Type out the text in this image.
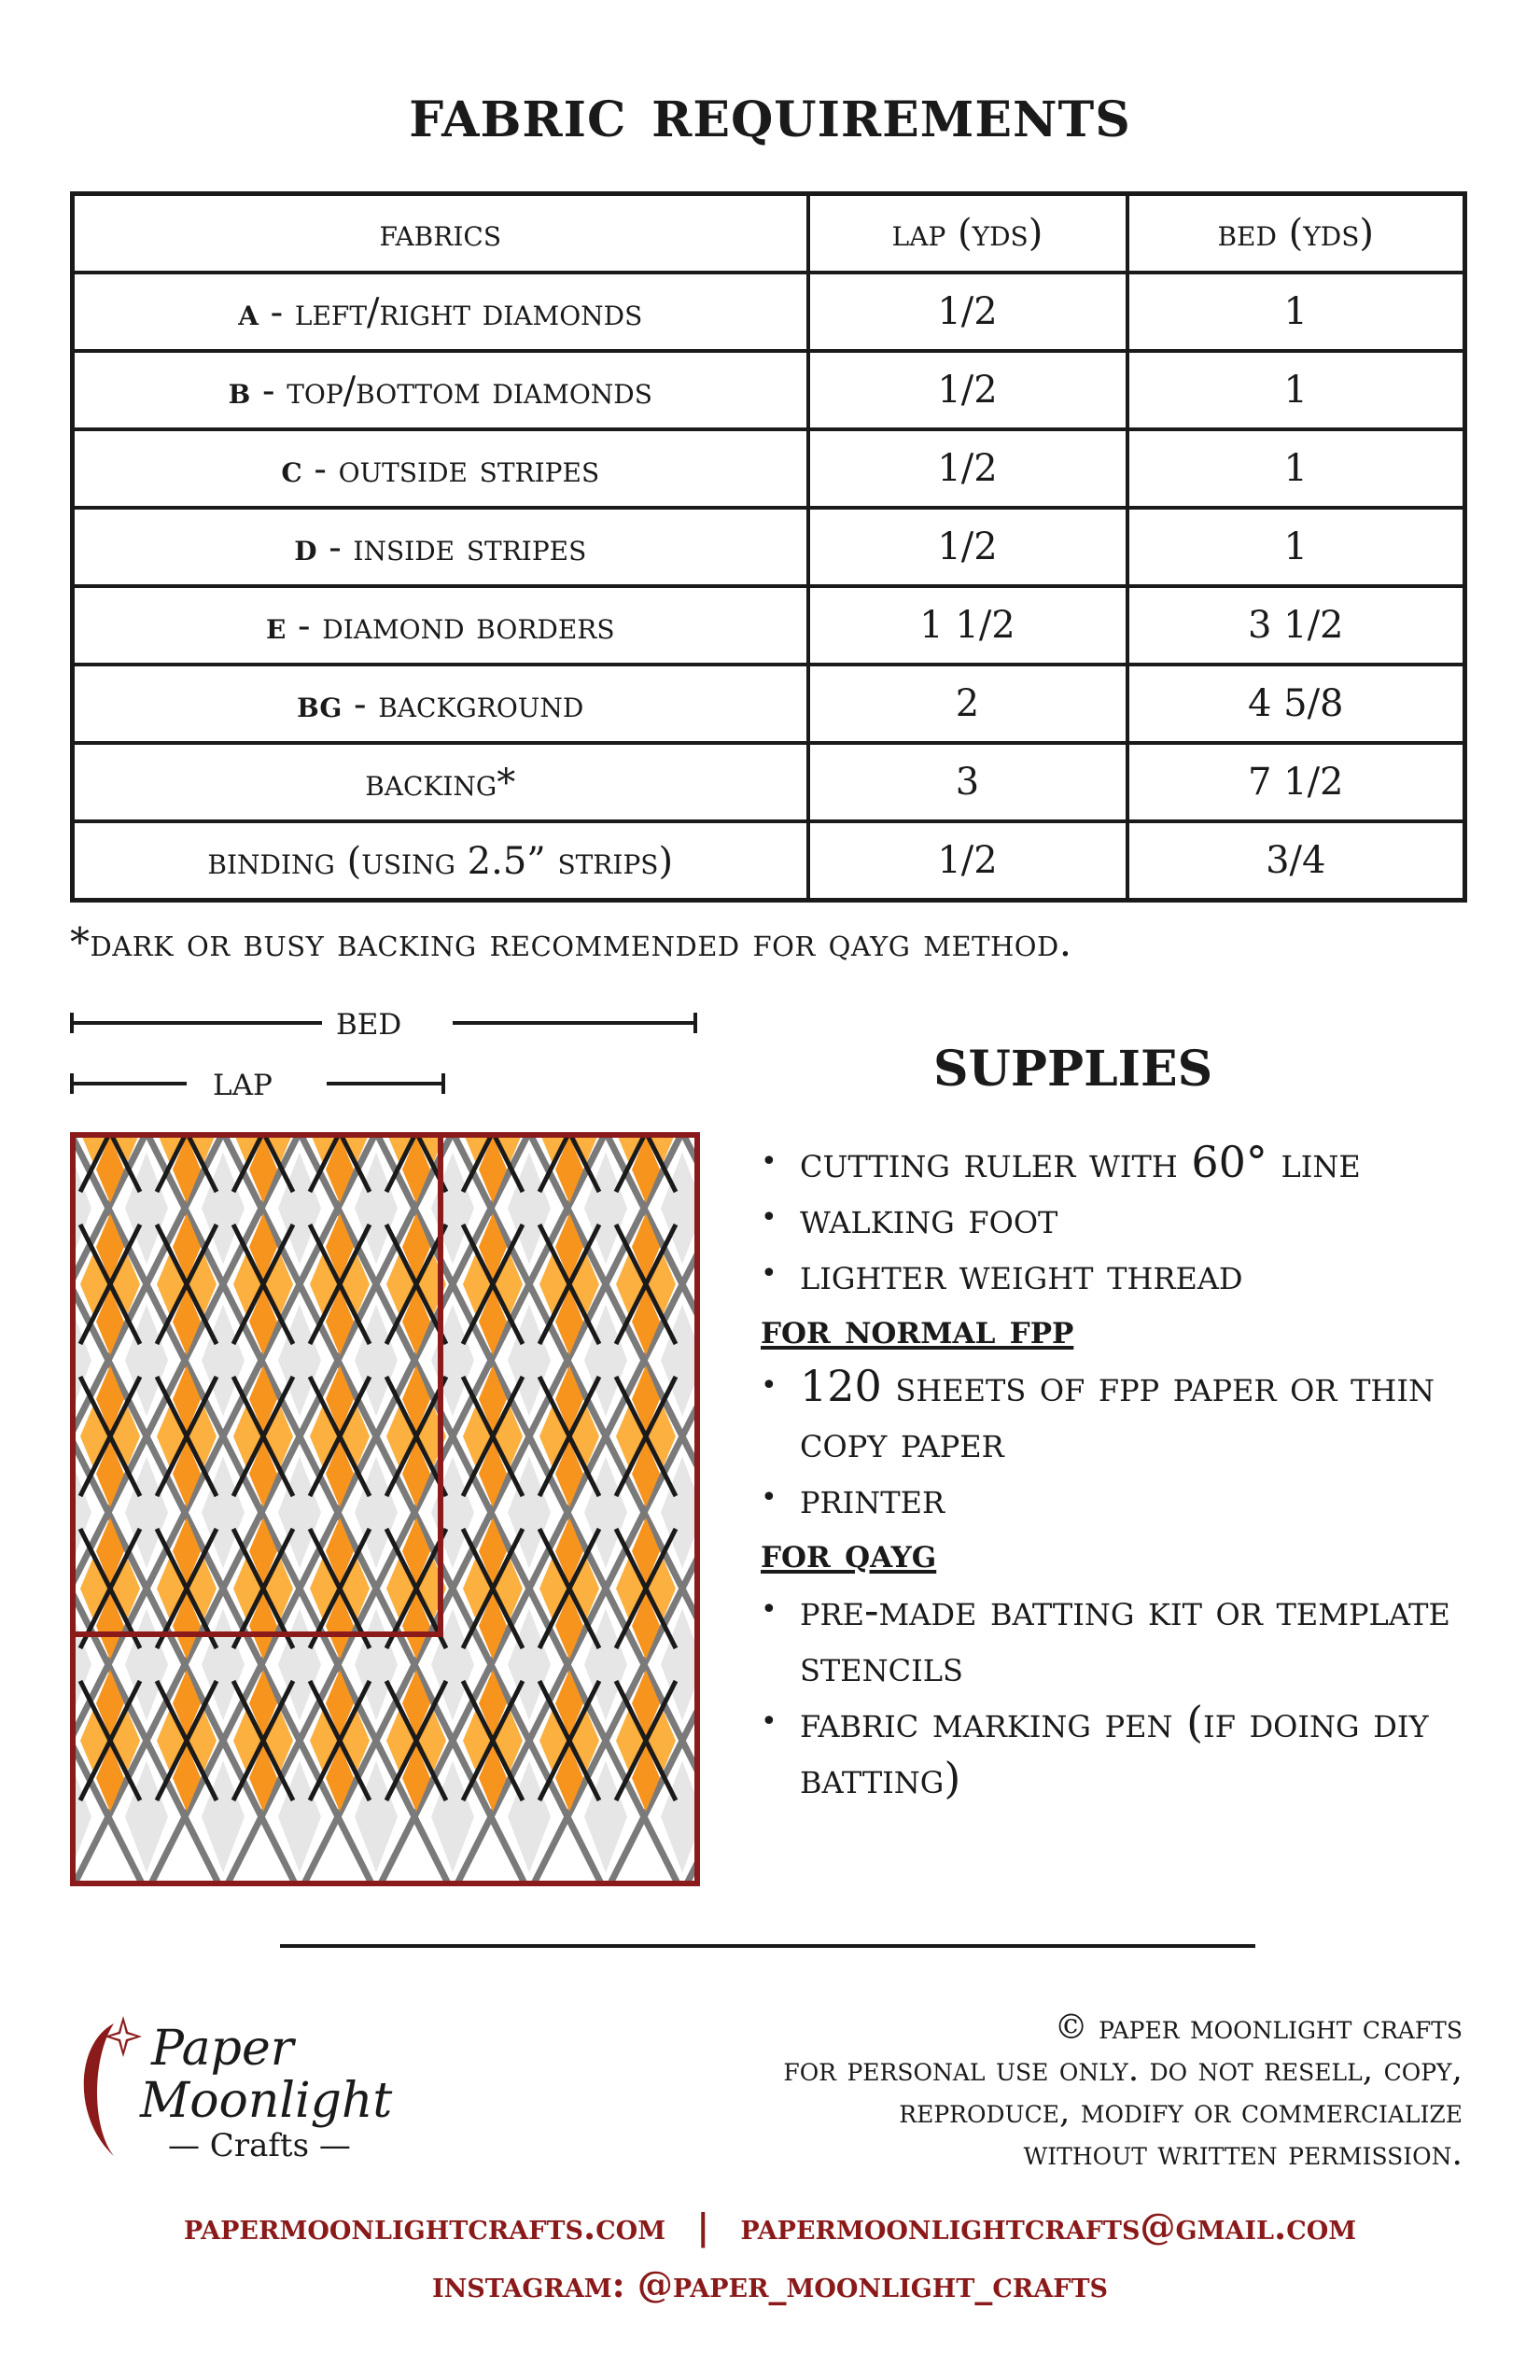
fabric requirements
fabrics	lap (yds)	bed (yds)
a - left/right diamonds	1/2	1
b - top/bottom diamonds	1/2	1
c - outside stripes	1/2	1
d - inside stripes	1/2	1
e - diamond borders	1 1/2	3 1/2
bg - background	2	4 5/8
backing*	3	7 1/2
binding (using 2.5” strips)	1/2	3/4
*dark or busy backing recommended for qayg method.
bed
lap	supplies
• cutting ruler with 60° line
• walking foot
• lighter weight thread
for normal fpp
• 120 sheets of fpp paper or thin copy paper
• printer
for qayg
• pre-made batting kit or template stencils
• fabric marking pen (if doing diy batting)
Paper
Moonlight
— Crafts —
© paper moonlight crafts
for personal use only. do not resell, copy,
reproduce, modify or commercialize
without written permission.
papermoonlightcrafts.com | papermoonlightcrafts@gmail.com
instagram: @paper_moonlight_crafts
